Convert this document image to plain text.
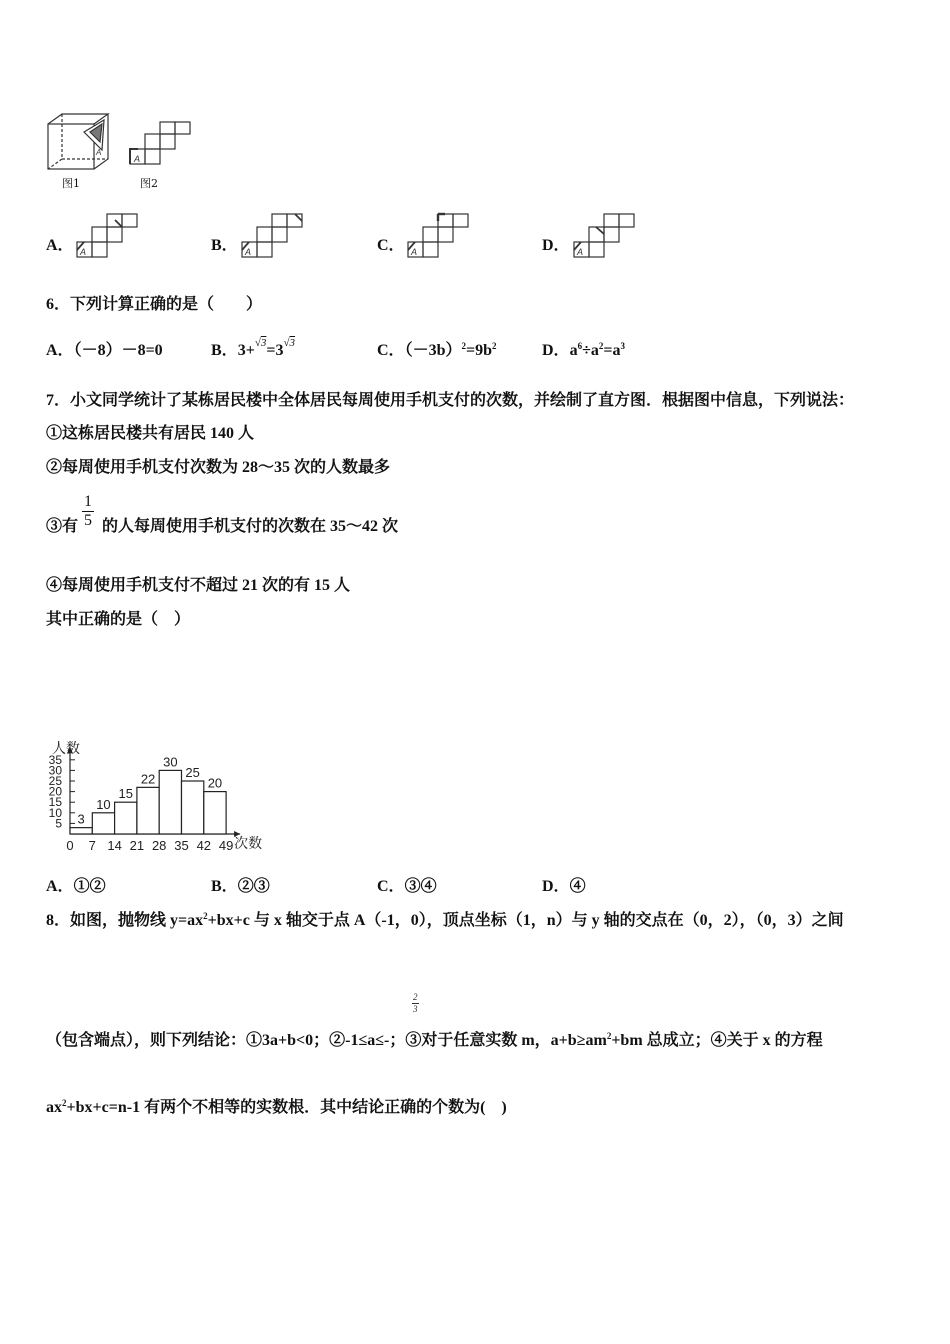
A
图1
A
图2
A．	B．	C．	D．
A	A	A	A
6．下列计算正确的是（　　）
A．（－8）－8=0	B．$3+^{√3}=3^{√3}$	C．$(-3b)^2=9b^2$	D．$a^6\div a^2=a^3$
7．小文同学统计了某栋居民楼中全体居民每周使用手机支付的次数，并绘制了直方图．根据图中信息，下列说法：
①这栋居民楼共有居民 140 人
②每周使用手机支付次数为 28～35 次的人数最多
③有 $\frac{1}{5}$ 的人每周使用手机支付的次数在 35～42 次
④每周使用手机支付不超过 21 次的有 15 人
其中正确的是（　）
人数
次数
5
10
15
20
25
30
35
0 7 14 21 28 35 42 49
3
10
15
22
30
25
20
A．①②	B．②③	C．③④	D．④
8．如图，抛物线 $y=ax^2+bx+c$ 与 x 轴交于点 A（-1，0），顶点坐标（1，n）与 y 轴的交点在（0，2），（0，3）之间
$\frac{2}{3}$
（包含端点），则下列结论：①3a+b<0；②-1≤a≤-；③对于任意实数 m，$a+b\ge am^2+bm$ 总成立；④关于 x 的方程
$ax^2+bx+c=n-1$ 有两个不相等的实数根．其中结论正确的个数为(　)
